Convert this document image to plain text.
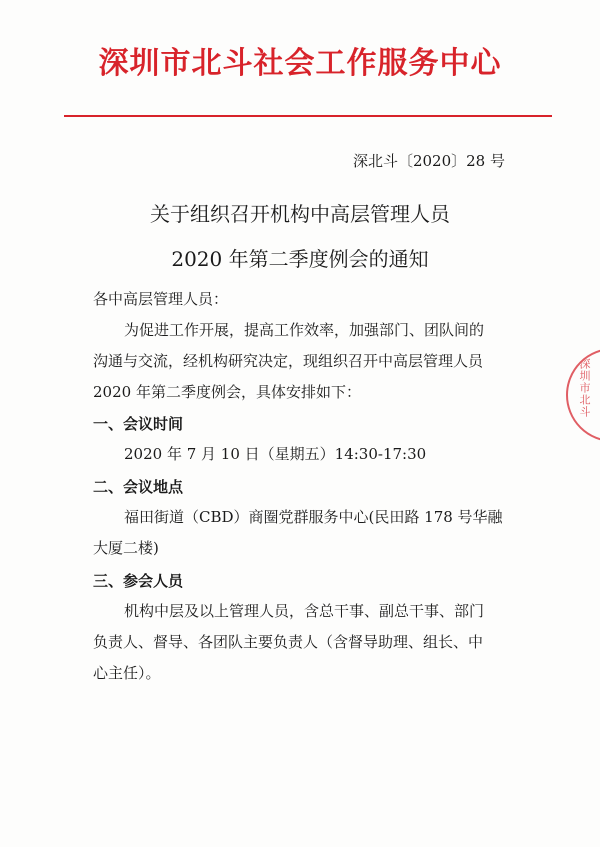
深圳市北斗社会工作服务中心
深北斗〔2020〕28 号
关于组织召开机构中高层管理人员
2020 年第二季度例会的通知
各中高层管理人员：
为促进工作开展，提高工作效率，加强部门、团队间的
沟通与交流，经机构研究决定，现组织召开中高层管理人员
2020 年第二季度例会，具体安排如下：
一、会议时间
2020 年 7 月 10 日（星期五）14:30-17:30
二、会议地点
福田街道（CBD）商圈党群服务中心(民田路 178 号华融
大厦二楼)
三、参会人员
机构中层及以上管理人员，含总干事、副总干事、部门
负责人、督导、各团队主要负责人（含督导助理、组长、中
心主任）。
深圳市北斗
